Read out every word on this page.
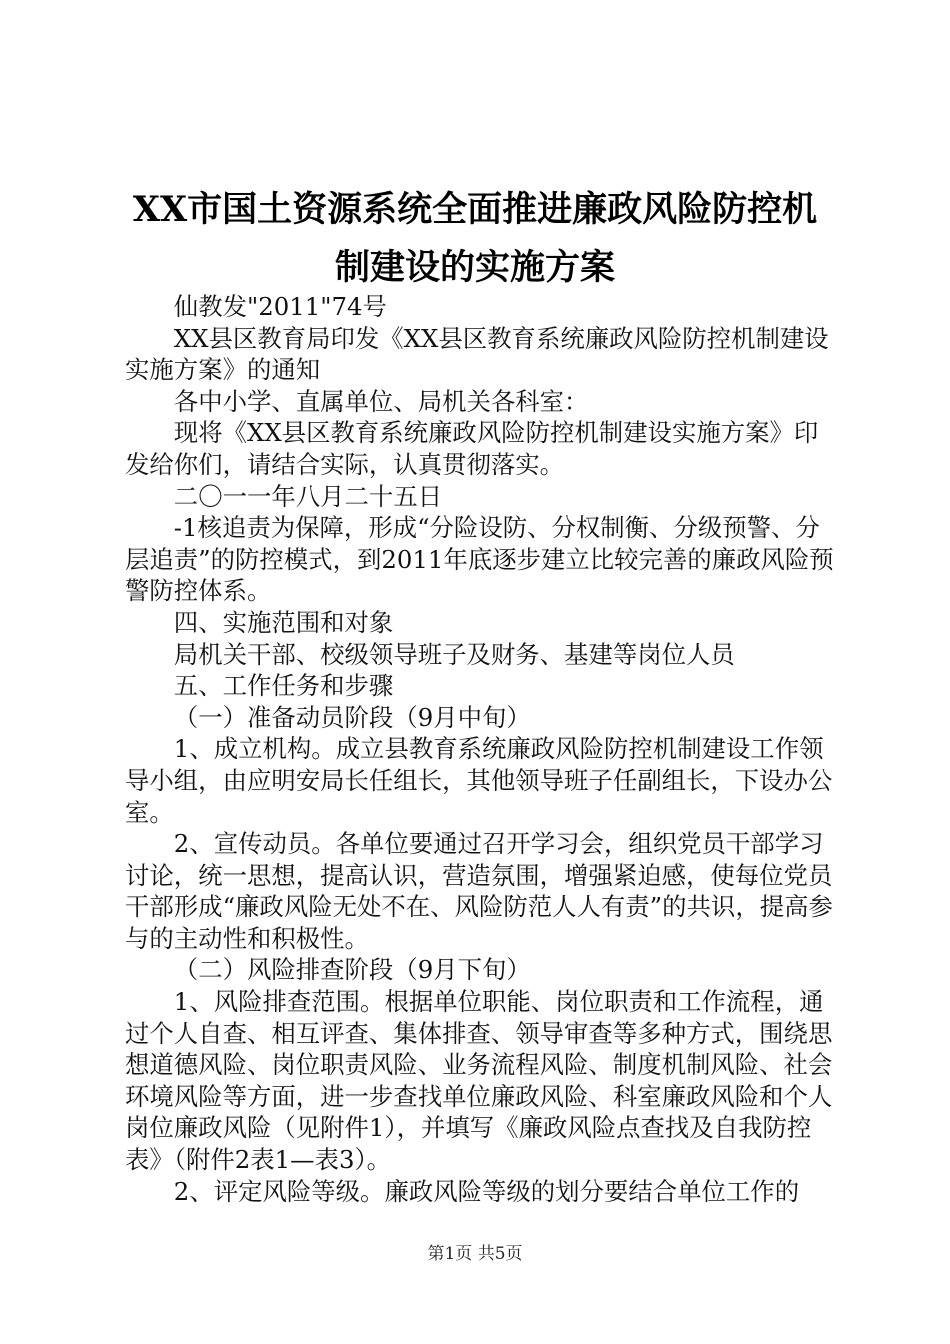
XX市国土资源系统全面推进廉政风险防控机
制建设的实施方案

仙教发"2011"74号

XX县区教育局印发《XX县区教育系统廉政风险防控机制建设实施方案》的通知

各中小学、直属单位、局机关各科室：

现将《XX县区教育系统廉政风险防控机制建设实施方案》印发给你们，请结合实际，认真贯彻落实。

二〇一一年八月二十五日

-1核追责为保障，形成“分险设防、分权制衡、分级预警、分层追责”的防控模式，到2011年底逐步建立比较完善的廉政风险预警防控体系。

四、实施范围和对象

局机关干部、校级领导班子及财务、基建等岗位人员

五、工作任务和步骤

（一）准备动员阶段（9月中旬）

1、成立机构。成立县教育系统廉政风险防控机制建设工作领导小组，由应明安局长任组长，其他领导班子任副组长，下设办公室。

2、宣传动员。各单位要通过召开学习会，组织党员干部学习讨论，统一思想，提高认识，营造氛围，增强紧迫感，使每位党员干部形成“廉政风险无处不在、风险防范人人有责”的共识，提高参与的主动性和积极性。

（二）风险排查阶段（9月下旬）

1、风险排查范围。根据单位职能、岗位职责和工作流程，通过个人自查、相互评查、集体排查、领导审查等多种方式，围绕思想道德风险、岗位职责风险、业务流程风险、制度机制风险、社会环境风险等方面，进一步查找单位廉政风险、科室廉政风险和个人岗位廉政风险（见附件1），并填写《廉政风险点查找及自我防控表》（附件2表1—表3）。

2、评定风险等级。廉政风险等级的划分要结合单位工作的

第1页 共5页
